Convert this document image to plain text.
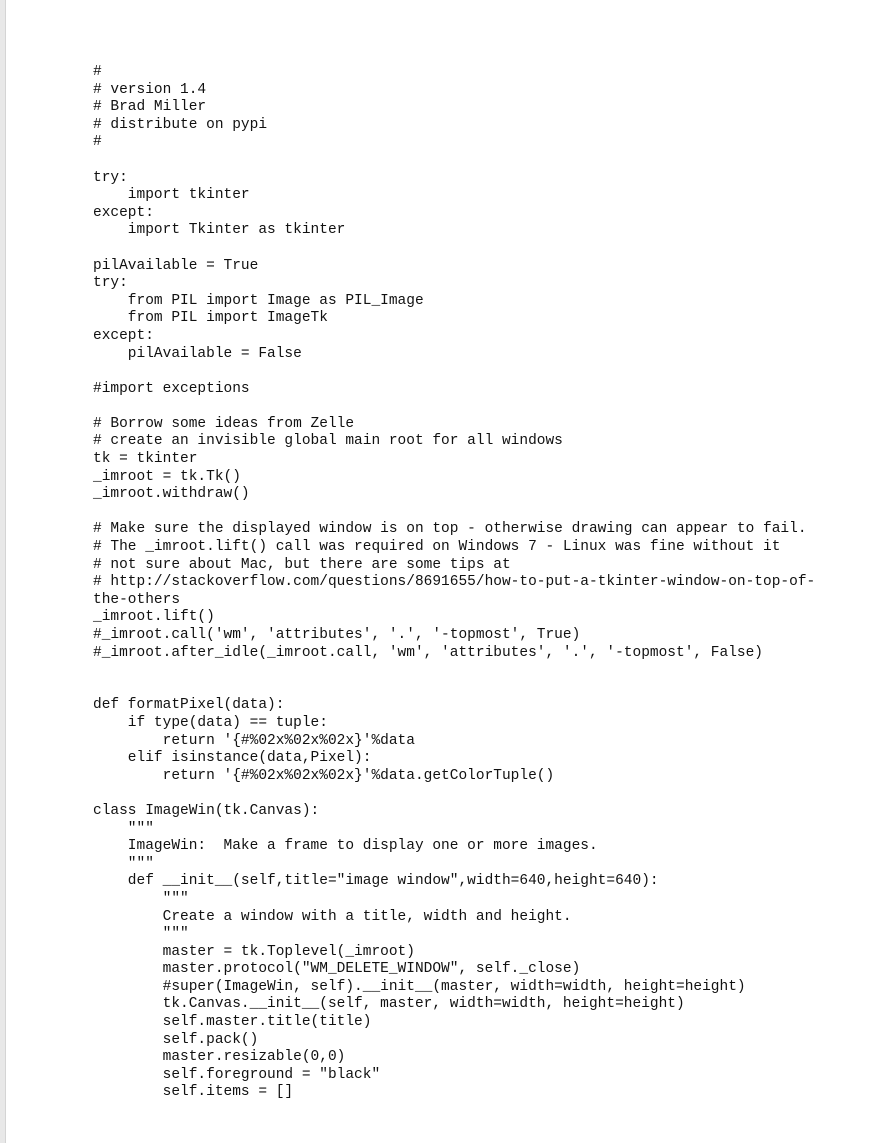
#
# version 1.4
# Brad Miller
# distribute on pypi
#
try:
import tkinter
except:
import Tkinter as tkinter
pilAvailable = True
try:
from PIL import Image as PIL_Image
from PIL import ImageTk
except:
pilAvailable = False
#import exceptions
# Borrow some ideas from Zelle
# create an invisible global main root for all windows
tk = tkinter
_imroot = tk.Tk()
_imroot.withdraw()
# Make sure the displayed window is on top - otherwise drawing can appear to fail.
# The _imroot.lift() call was required on Windows 7 - Linux was fine without it
# not sure about Mac, but there are some tips at
# http://stackoverflow.com/questions/8691655/how-to-put-a-tkinter-window-on-top-of-
the-others
_imroot.lift()
#_imroot.call('wm', 'attributes', '.', '-topmost', True)
#_imroot.after_idle(_imroot.call, 'wm', 'attributes', '.', '-topmost', False)
def formatPixel(data):
if type(data) == tuple:
return '{#%02x%02x%02x}'%data
elif isinstance(data,Pixel):
return '{#%02x%02x%02x}'%data.getColorTuple()
class ImageWin(tk.Canvas):
"""
ImageWin:  Make a frame to display one or more images.
"""
def __init__(self,title="image window",width=640,height=640):
"""
Create a window with a title, width and height.
"""
master = tk.Toplevel(_imroot)
master.protocol("WM_DELETE_WINDOW", self._close)
#super(ImageWin, self).__init__(master, width=width, height=height)
tk.Canvas.__init__(self, master, width=width, height=height)
self.master.title(title)
self.pack()
master.resizable(0,0)
self.foreground = "black"
self.items = []
